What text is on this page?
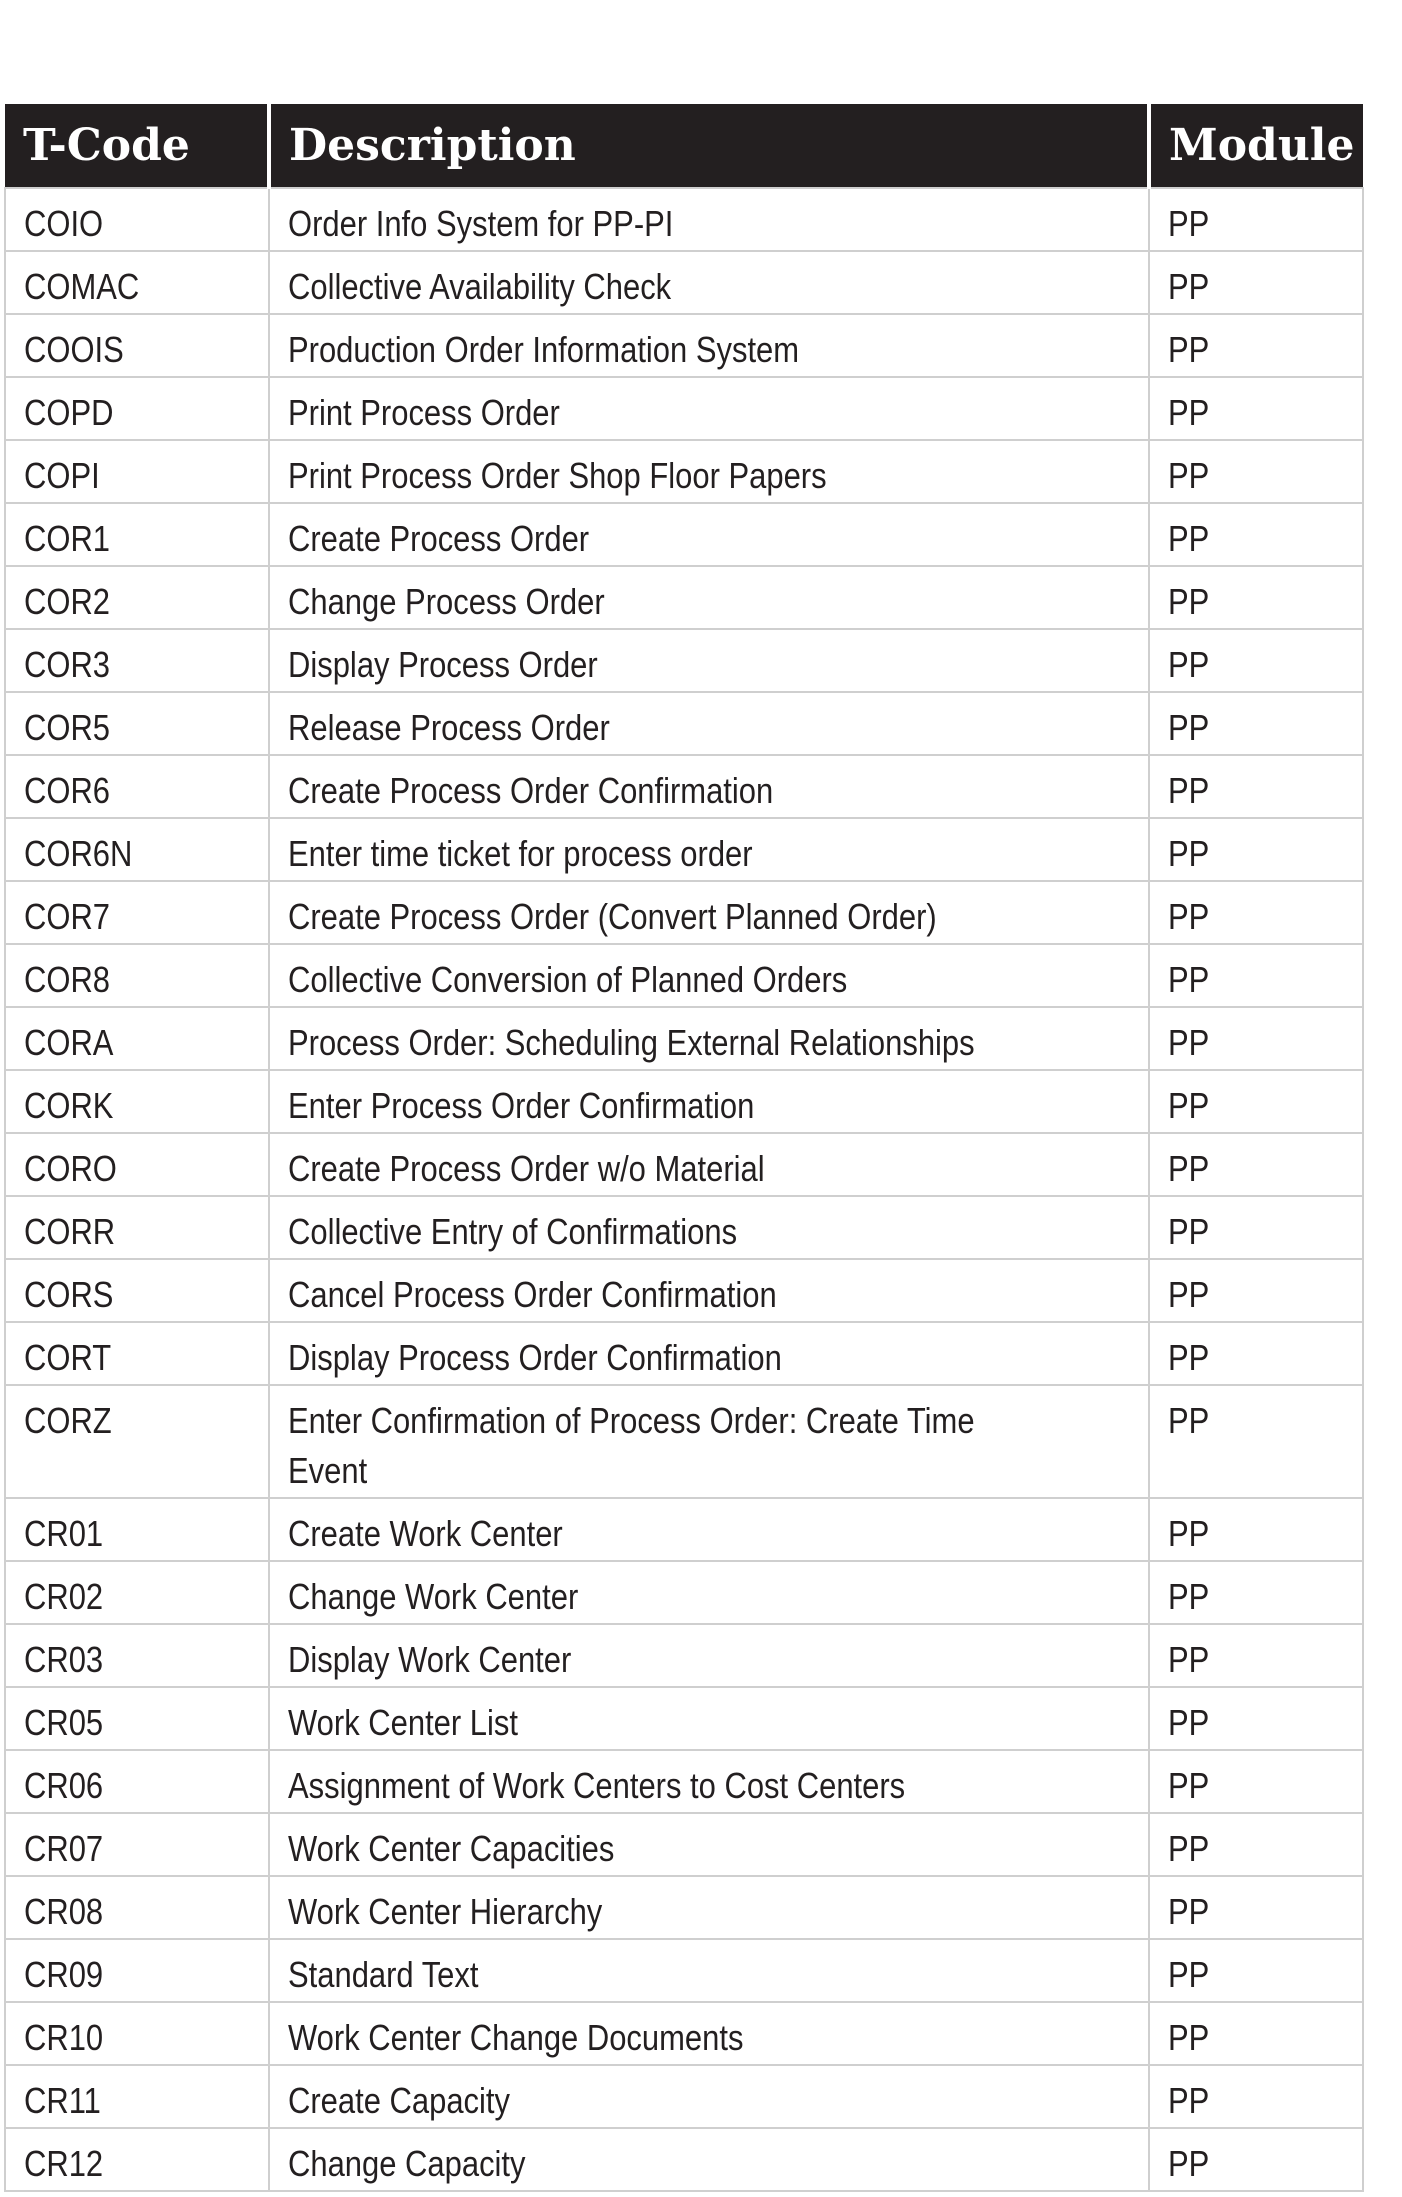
T-Code	Description	Module
COIO	Order Info System for PP-PI	PP
COMAC	Collective Availability Check	PP
COOIS	Production Order Information System	PP
COPD	Print Process Order	PP
COPI	Print Process Order Shop Floor Papers	PP
COR1	Create Process Order	PP
COR2	Change Process Order	PP
COR3	Display Process Order	PP
COR5	Release Process Order	PP
COR6	Create Process Order Confirmation	PP
COR6N	Enter time ticket for process order	PP
COR7	Create Process Order (Convert Planned Order)	PP
COR8	Collective Conversion of Planned Orders	PP
CORA	Process Order: Scheduling External Relationships	PP
CORK	Enter Process Order Confirmation	PP
CORO	Create Process Order w/o Material	PP
CORR	Collective Entry of Confirmations	PP
CORS	Cancel Process Order Confirmation	PP
CORT	Display Process Order Confirmation	PP
CORZ	Enter Confirmation of Process Order: Create Time Event	PP
CR01	Create Work Center	PP
CR02	Change Work Center	PP
CR03	Display Work Center	PP
CR05	Work Center List	PP
CR06	Assignment of Work Centers to Cost Centers	PP
CR07	Work Center Capacities	PP
CR08	Work Center Hierarchy	PP
CR09	Standard Text	PP
CR10	Work Center Change Documents	PP
CR11	Create Capacity	PP
CR12	Change Capacity	PP
